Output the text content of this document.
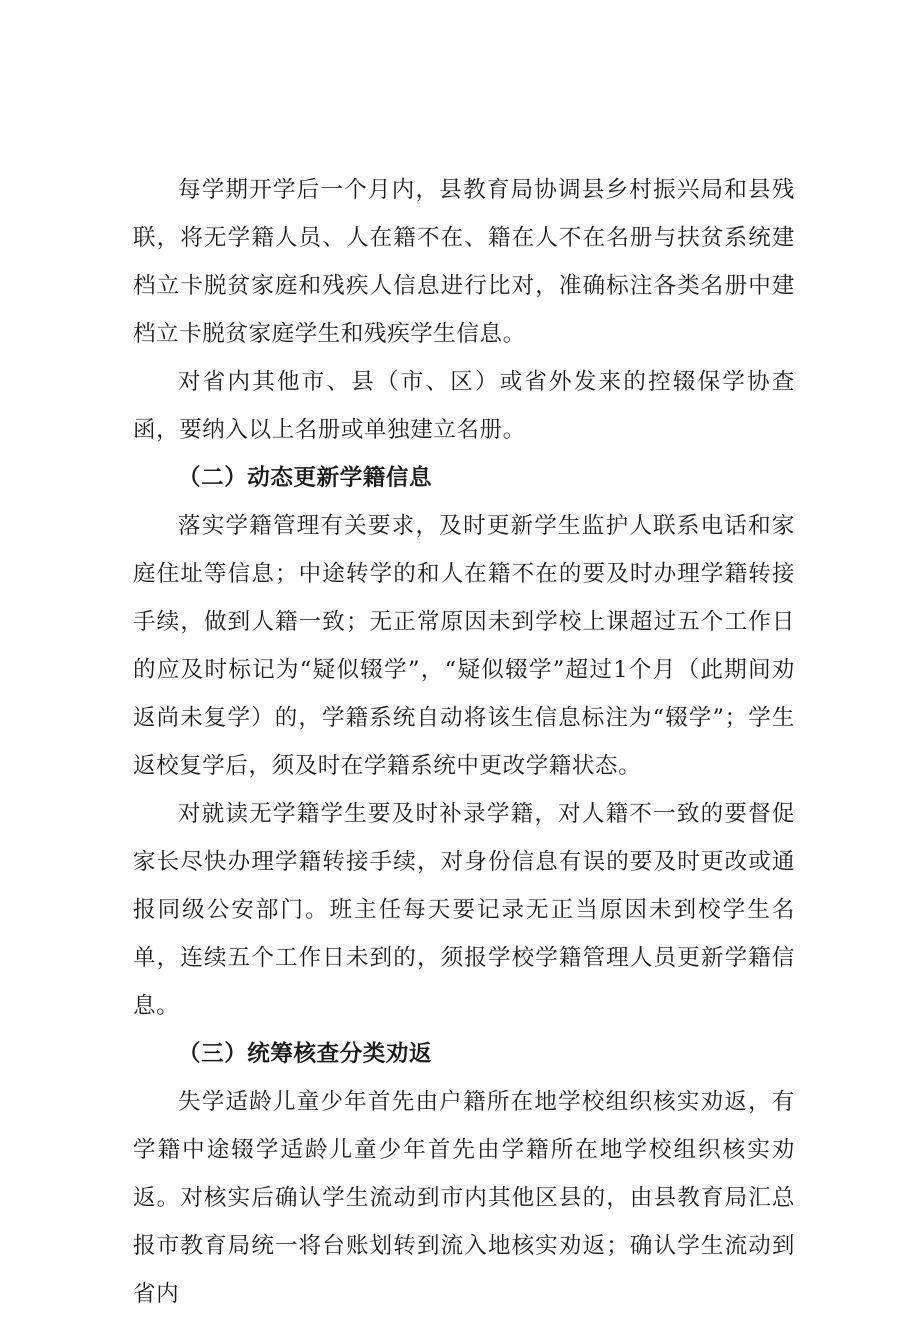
每学期开学后一个月内，县教育局协调县乡村振兴局和县残联，将无学籍人员、人在籍不在、籍在人不在名册与扶贫系统建档立卡脱贫家庭和残疾人信息进行比对，准确标注各类名册中建档立卡脱贫家庭学生和残疾学生信息。

对省内其他市、县（市、区）或省外发来的控辍保学协查函，要纳入以上名册或单独建立名册。

（二）动态更新学籍信息

落实学籍管理有关要求，及时更新学生监护人联系电话和家庭住址等信息；中途转学的和人在籍不在的要及时办理学籍转接手续，做到人籍一致；无正常原因未到学校上课超过五个工作日的应及时标记为“疑似辍学”，“疑似辍学”超过1个月（此期间劝返尚未复学）的，学籍系统自动将该生信息标注为“辍学”；学生返校复学后，须及时在学籍系统中更改学籍状态。

对就读无学籍学生要及时补录学籍，对人籍不一致的要督促家长尽快办理学籍转接手续，对身份信息有误的要及时更改或通报同级公安部门。班主任每天要记录无正当原因未到校学生名单，连续五个工作日未到的，须报学校学籍管理人员更新学籍信息。

（三）统筹核查分类劝返

失学适龄儿童少年首先由户籍所在地学校组织核实劝返，有学籍中途辍学适龄儿童少年首先由学籍所在地学校组织核实劝返。对核实后确认学生流动到市内其他区县的，由县教育局汇总报市教育局统一将台账划转到流入地核实劝返；确认学生流动到省内
